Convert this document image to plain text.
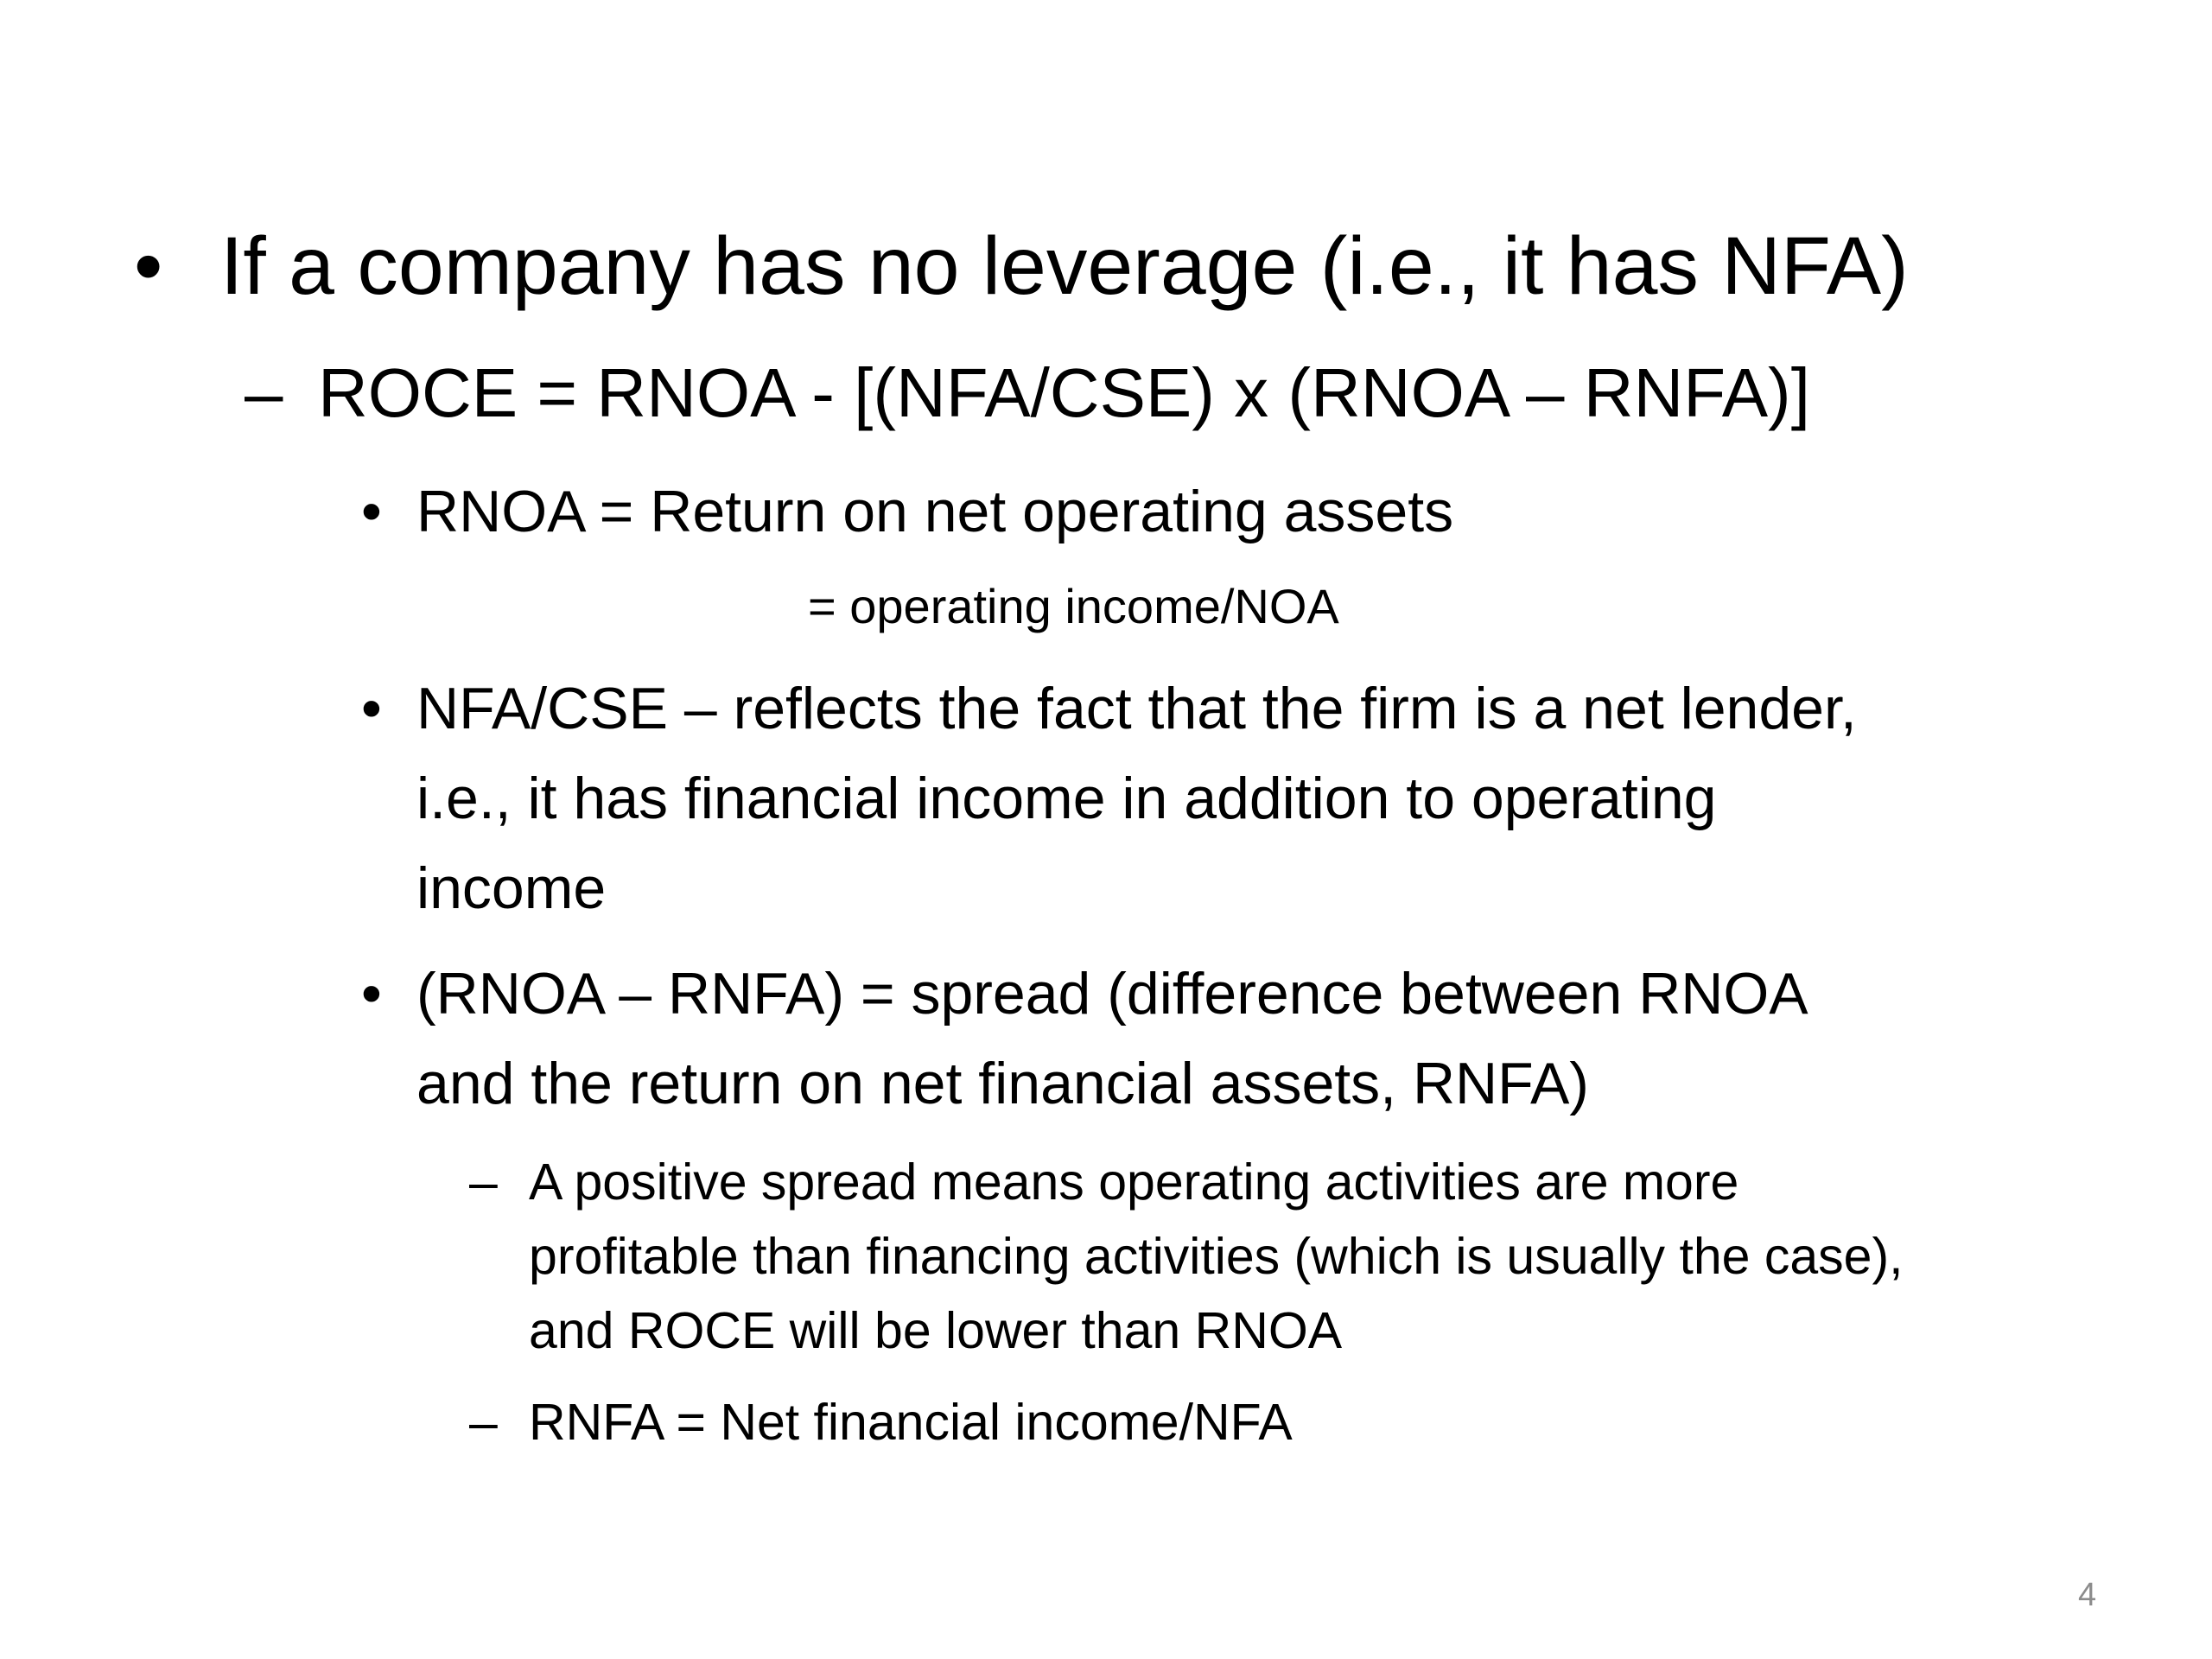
• If a company has no leverage (i.e., it has NFA)
– ROCE = RNOA - [(NFA/CSE) x (RNOA – RNFA)]
• RNOA = Return on net operating assets
= operating income/NOA
• NFA/CSE – reflects the fact that the firm is a net lender,
i.e., it has financial income in addition to operating
income
• (RNOA – RNFA) = spread (difference between RNOA
and the return on net financial assets, RNFA)
– A positive spread means operating activities are more
profitable than financing activities (which is usually the case),
and ROCE will be lower than RNOA
– RNFA = Net financial income/NFA
4
